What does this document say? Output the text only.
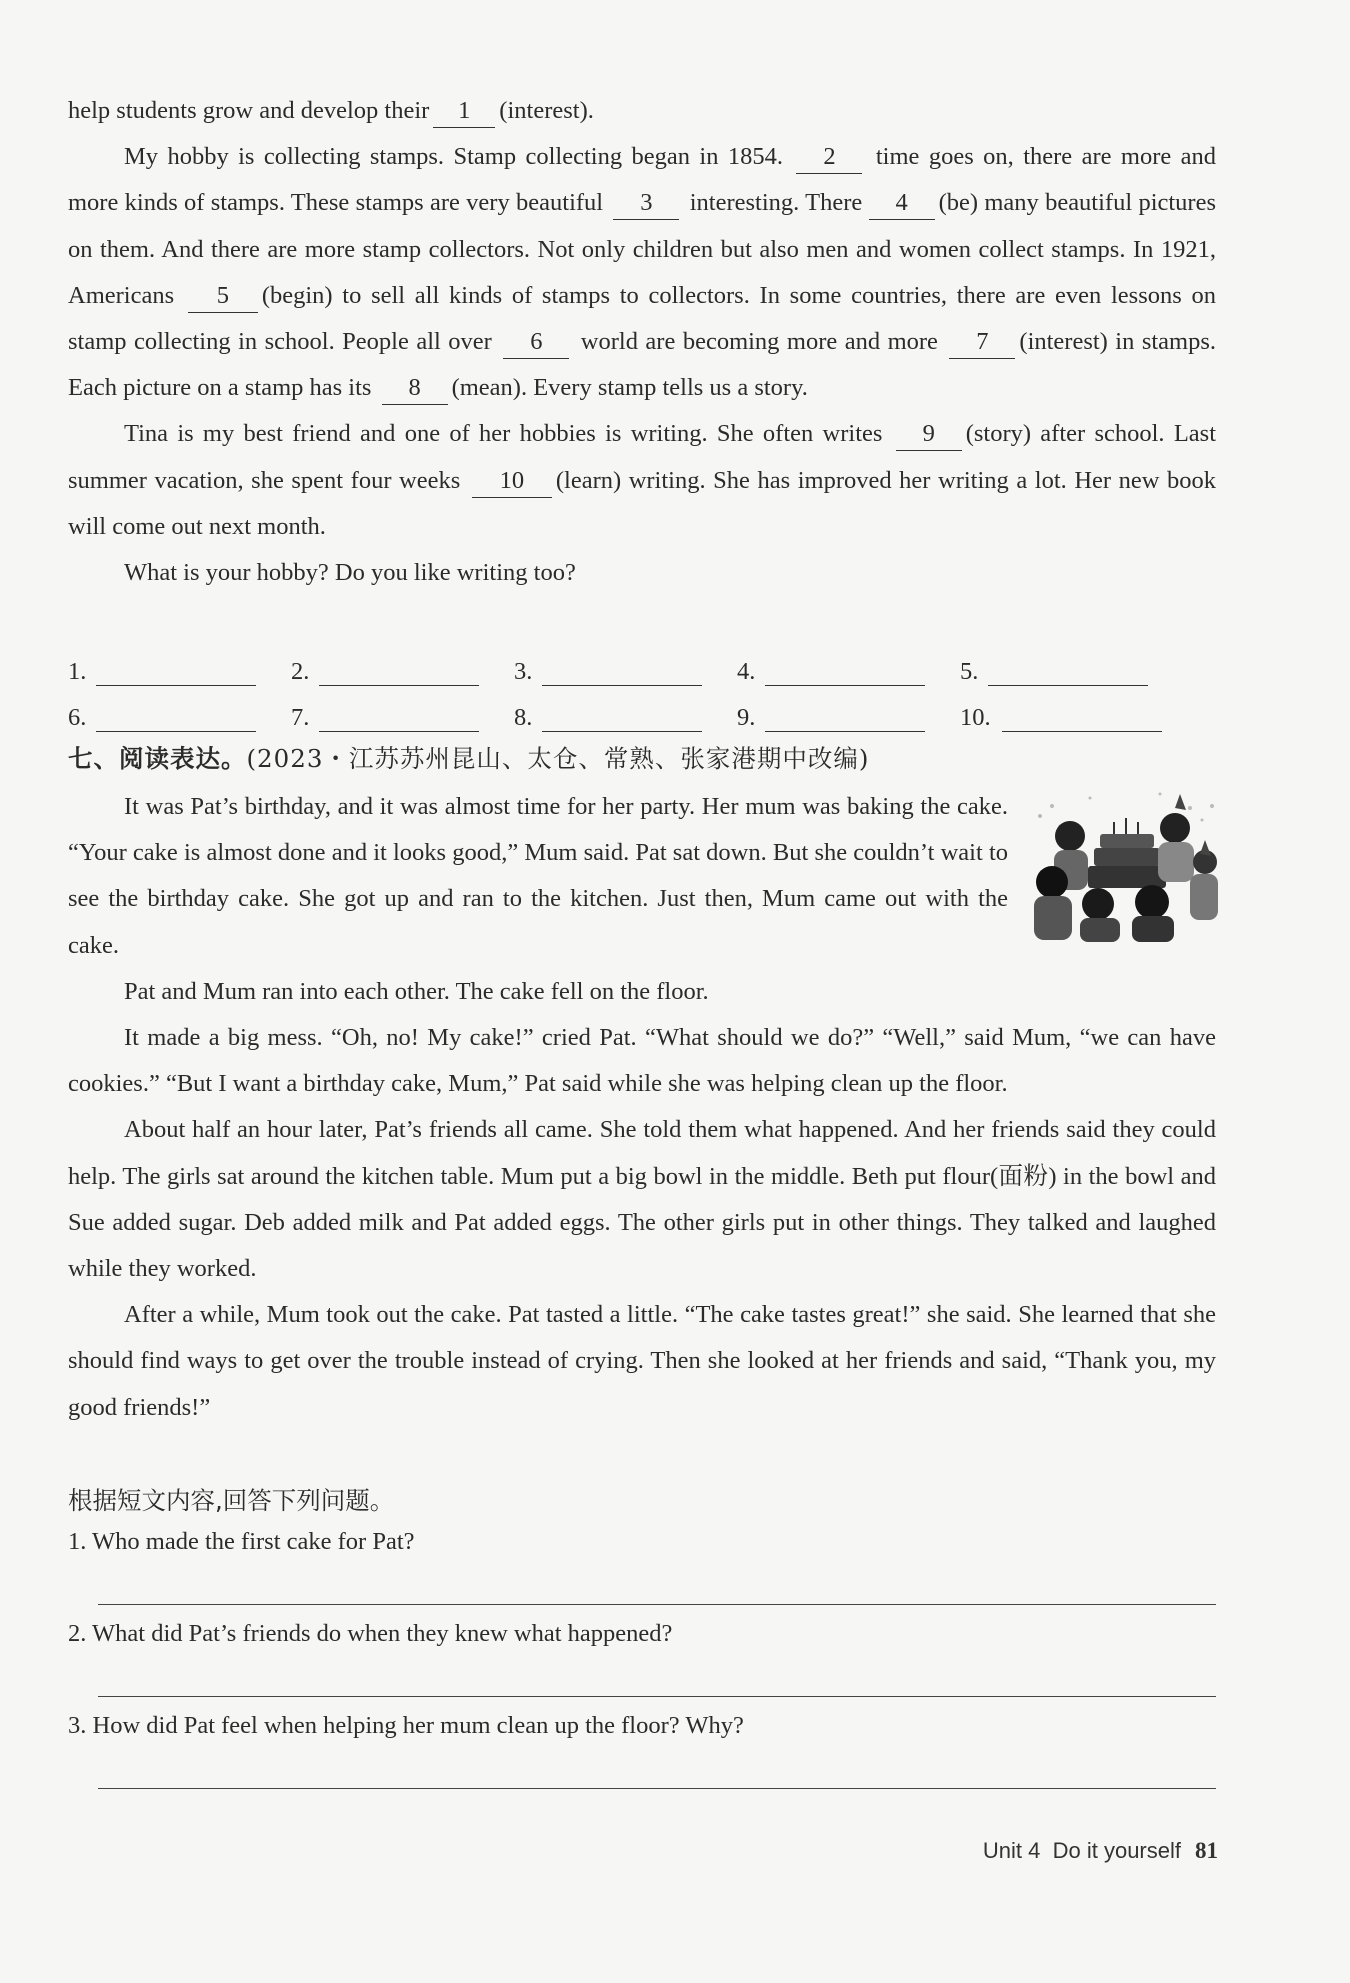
help students grow and develop their 1 (interest).

My hobby is collecting stamps. Stamp collecting began in 1854. 2 time goes on, there are more and more kinds of stamps. These stamps are very beautiful 3 interesting. There 4 (be) many beautiful pictures on them. And there are more stamp collectors. Not only children but also men and women collect stamps. In 1921, Americans 5 (begin) to sell all kinds of stamps to collectors. In some countries, there are even lessons on stamp collecting in school. People all over 6 world are becoming more and more 7 (interest) in stamps. Each picture on a stamp has its 8 (mean). Every stamp tells us a story.

Tina is my best friend and one of her hobbies is writing. She often writes 9 (story) after school. Last summer vacation, she spent four weeks 10 (learn) writing. She has improved her writing a lot. Her new book will come out next month.

What is your hobby? Do you like writing too?

1.	2.	3.	4.	5.
6.	7.	8.	9.	10.
七、阅读表达。(2023・江苏苏州昆山、太仓、常熟、张家港期中改编)

It was Pat’s birthday, and it was almost time for her party. Her mum was baking the cake. “Your cake is almost done and it looks good,” Mum said. Pat sat down. But she couldn’t wait to see the birthday cake. She got up and ran to the kitchen. Just then, Mum came out with the cake.

Pat and Mum ran into each other. The cake fell on the floor.

It made a big mess. “Oh, no! My cake!” cried Pat. “What should we do?” “Well,” said Mum, “we can have cookies.” “But I want a birthday cake, Mum,” Pat said while she was helping clean up the floor.

About half an hour later, Pat’s friends all came. She told them what happened. And her friends said they could help. The girls sat around the kitchen table. Mum put a big bowl in the middle. Beth put flour(面粉) in the bowl and Sue added sugar. Deb added milk and Pat added eggs. The other girls put in other things. They talked and laughed while they worked.

After a while, Mum took out the cake. Pat tasted a little. “The cake tastes great!” she said. She learned that she should find ways to get over the trouble instead of crying. Then she looked at her friends and said, “Thank you, my good friends!”

根据短文内容,回答下列问题。
1. Who made the first cake for Pat?
2. What did Pat’s friends do when they knew what happened?
3. How did Pat feel when helping her mum clean up the floor? Why?
Unit 4  Do it yourself 81
